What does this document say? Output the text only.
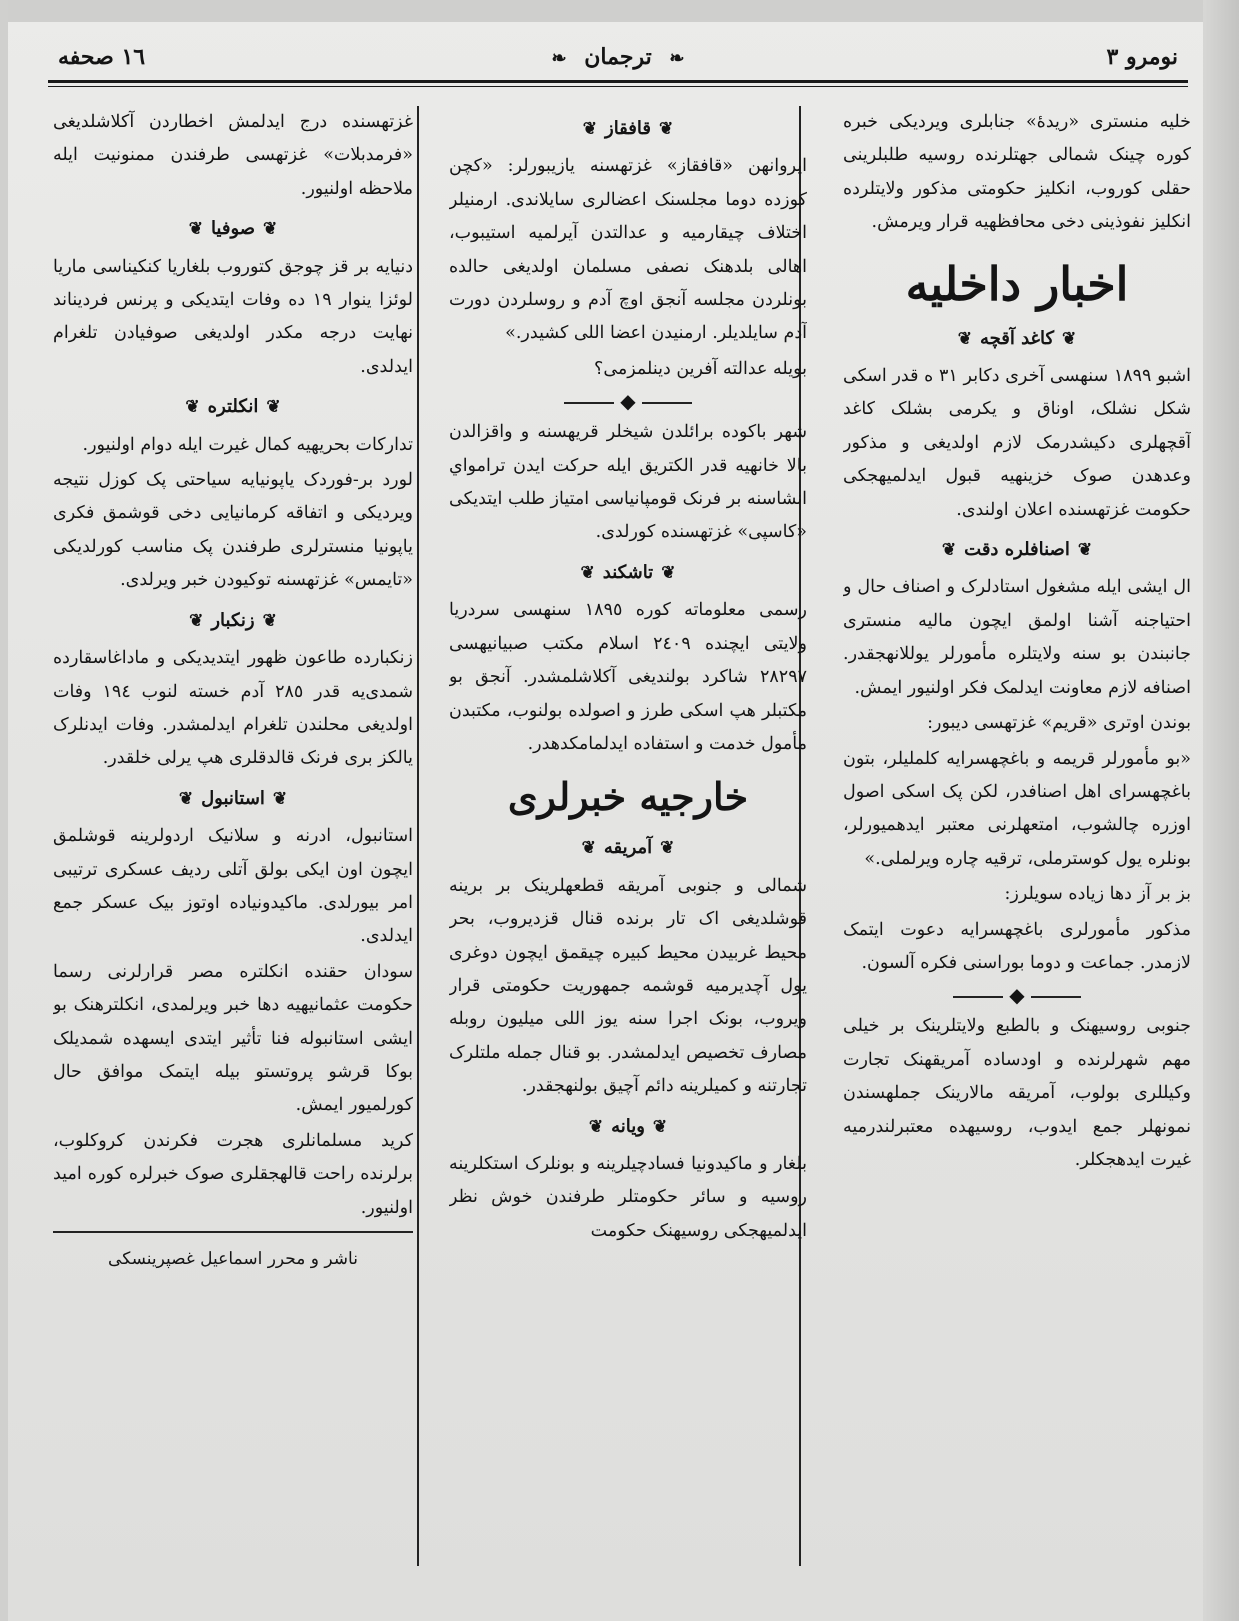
نومرو ٣
❧ ترجمان ❧
١٦ صحفه

خلیه منستری «ریدهٔ» جنابلری ویردیکی خبره کوره چینک شمالی جهتلرنده روسیه طلبلرینی حقلی کوروب، انکلیز حکومتی مذکور ولایتلرده انکلیز نفوذینی دخی محافظهیه قرار ویرمش.

اخبار داخلیه
❦کاغد آقچه❦

اشبو ١٨٩٩ سنهسی آخری دکابر ٣١ ه قدر اسکی شکل نشلک، اوناق و یکرمی بشلک کاغد آقچهلری دکیشدرمک لازم اولدیغی و مذکور وعدهدن صوک خزینهیه قبول ایدلمیهجکی حکومت غزتهسنده اعلان اولندی.

❦اصنافلره دقت❦

ال ایشی ایله مشغول استادلرک و اصناف حال و احتیاجنه آشنا اولمق ایچون مالیه منستری جانبندن بو سنه ولایتلره مأمورلر یوللانهجقدر. اصنافه لازم معاونت ایدلمک فکر اولنیور ایمش.

بوندن اوتری «قریم» غزتهسی دیبور:

«بو مأمورلر قریمه و باغچهسرایه کلملیلر، بتون باغچهسرای اهل اصنافدر، لکن پک اسکی اصول اوزره چالشوب، امتعهلرنی معتبر ایدهمیورلر، بونلره یول کوسترملی، ترقیه چاره ویرلملی.»

بز بر آز دها زیاده سویلرز:

مذکور مأمورلری باغچهسرایه دعوت ایتمک لازمدر. جماعت و دوما بوراسنی فکره آلسون.

◆

جنوبی روسیهنک و بالطبع ولایتلرینک بر خیلی مهم شهرلرنده و اودساده آمریقهنک تجارت وکیللری بولوب، آمریقه مالارینک جملهسندن نمونهلر جمع ایدوب، روسیهده معتبرلندرمیه غیرت ایدهجکلر.

❦قافقاز❦

ایروانهن «قافقاز» غزتهسنه یازیبورلر: «کچن کوزده دوما مجلسنک اعضالری سایلاندی. ارمنیلر اختلاف چیقارمیه و عدالتدن آیرلمیه استیبوب، اهالی بلدهنک نصفی مسلمان اولدیغی حالده بونلردن مجلسه آنجق اوچ آدم و روسلردن دورت آدم سایلدیلر. ارمنیدن اعضا اللی کشیدر.»

بویله عدالته آفرین دینلمزمی؟

◆

شهر باکوده برائلدن شیخلر قریهسنه و واقزالدن بالا خانهیه قدر الکتریق ایله حرکت ایدن ترامواي انشاسنه بر فرنک قومپانیاسی امتیاز طلب ایتدیکی «کاسپی» غزتهسنده کورلدی.

❦تاشکند❦

رسمی معلوماته کوره ١٨٩٥ سنهسی سردریا ولایتی ایچنده ٢٤٠٩ اسلام مکتب صبیانیهسی ٢٨٢٩٧ شاکرد بولندیغی آکلاشلمشدر. آنجق بو مکتبلر هپ اسکی طرز و اصولده بولنوب، مکتبدن مأمول خدمت و استفاده ایدلمامکدهدر.

خارجیه خبرلری
❦آمریقه❦

شمالی و جنوبی آمریقه قطعهلرینک بر برینه قوشلدیغی اک تار برنده قنال قزدیروب، بحر محیط غربیدن محیط کبیره چیقمق ایچون دوغری یول آچدیرمیه قوشمه جمهوریت حکومتی قرار ویروب، بونک اجرا سنه یوز اللی میلیون روبله مصارف تخصیص ایدلمشدر. بو قنال جمله ملتلرک تجارتنه و کمیلرینه دائم آچیق بولنهجقدر.

❦ویانه❦

بلغار و ماکیدونیا فسادچیلرینه و بونلرک استکلرینه روسیه و سائر حکومتلر طرفندن خوش نظر ایدلمیهجکی روسیهنک حکومت

غزتهسنده درج ایدلمش اخطاردن آکلاشلدیغی «فرمدبلات» غزتهسی طرفندن ممنونیت ایله ملاحظه اولنیور.

❦صوفیا❦

دنیایه بر قز چوجق کتوروب بلغاریا کنکیناسی ماریا لوئزا ینوار ١٩ ده وفات ایتدیکی و پرنس فردیناند نهایت درجه مکدر اولدیغی صوفیادن تلغرام ایدلدی.

❦انکلتره❦

تدارکات بحریهیه کمال غیرت ایله دوام اولنیور.

لورد بر-فوردک یاپونیایه سیاحتی پک کوزل نتیجه ویردیکی و اتفاقه کرمانیایی دخی قوشمق فکری یاپونیا منسترلری طرفندن پک مناسب کورلدیکی «تایمس» غزتهسنه توکیودن خبر ویرلدی.

❦زنکبار❦

زنکبارده طاعون ظهور ایتدیدیکی و ماداغاسقارده شمدی‌یه قدر ٢٨٥ آدم خسته لنوب ١٩٤ وفات اولدیغی محلندن تلغرام ایدلمشدر. وفات ایدنلرک یالکز بری فرنک قالدقلری هپ یرلی خلقدر.

❦استانبول❦

استانبول، ادرنه و سلانیک اردولرینه قوشلمق ایچون اون ایکی بولق آتلی ردیف عسکری ترتیبی امر بیورلدی. ماکیدونیاده اوتوز بیک عسکر جمع ایدلدی.

سودان حقنده انکلتره مصر قرارلرنی رسما حکومت عثمانیهیه دها خبر ویرلمدی، انکلترهنک بو ایشی استانبوله فنا تأثیر ایتدی ایسهده شمدیلک بوکا قرشو پروتستو بیله ایتمک موافق حال کورلمیور ایمش.

کرید مسلمانلری هجرت فکرندن کروکلوب، برلرنده راحت قالهجقلری صوک خبرلره کوره امید اولنیور.

ناشر و محرر اسماعیل غصپرینسکی
